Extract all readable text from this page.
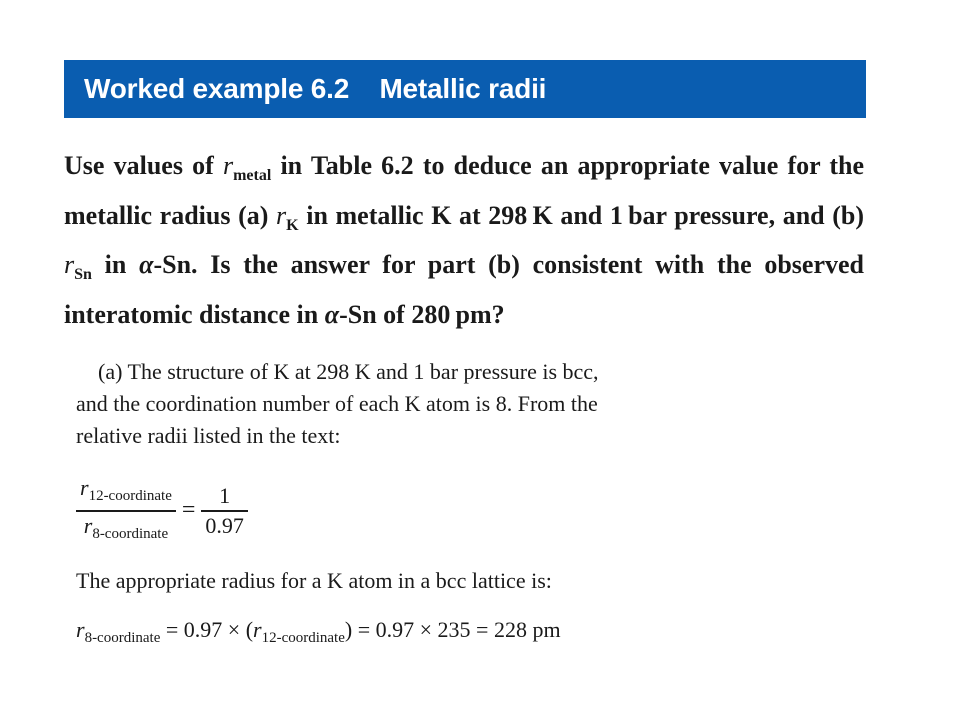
Worked example 6.2    Metallic radii
Use values of $r_{metal}$ in Table 6.2 to deduce an appropriate value for the metallic radius (a) $r_K$ in metallic K at 298 K and 1 bar pressure, and (b) $r_{Sn}$ in α-Sn. Is the answer for part (b) consistent with the observed interatomic distance in α-Sn of 280 pm?
(a) The structure of K at 298 K and 1 bar pressure is bcc,
and the coordination number of each K atom is 8. From the
relative radii listed in the text:
$\frac{r_{12-coordinate}}{r_{8-coordinate}} = \frac{1}{0.97}$
The appropriate radius for a K atom in a bcc lattice is:
$r_{8-coordinate} = 0.97 \times (r_{12-coordinate}) = 0.97 \times 235 = 228$ pm
